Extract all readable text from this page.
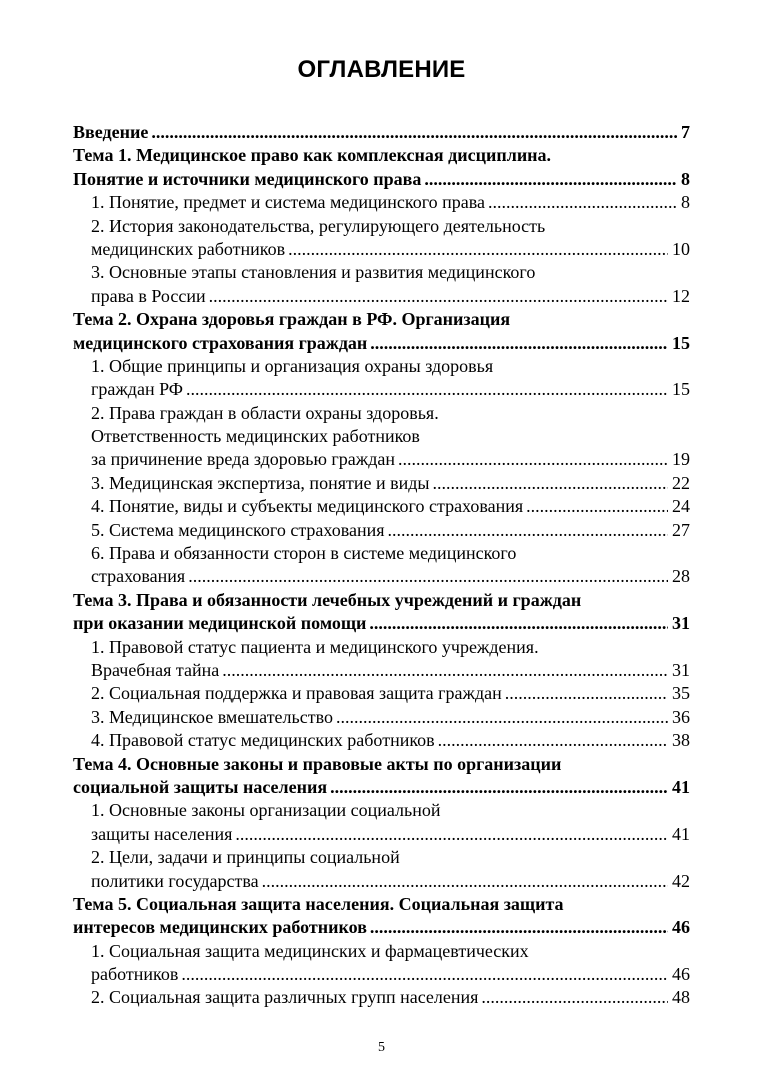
ОГЛАВЛЕНИЕ
Введение .....	7
Тема 1. Медицинское право как комплексная дисциплина.
Понятие и источники медицинского права .....	8
1. Понятие, предмет и система медицинского права .....	8
2. История законодательства, регулирующего деятельность
медицинских работников .....	10
3. Основные этапы становления и развития медицинского
права в России .....	12
Тема 2. Охрана здоровья граждан в РФ. Организация
медицинского страхования граждан .....	15
1. Общие принципы и организация охраны здоровья
граждан РФ .....	15
2. Права граждан в области охраны здоровья.
Ответственность медицинских работников
за причинение вреда здоровью граждан .....	19
3. Медицинская экспертиза, понятие и виды .....	22
4. Понятие, виды и субъекты медицинского страхования .....	24
5. Система медицинского страхования .....	27
6. Права и обязанности сторон в системе медицинского
страхования .....	28
Тема 3. Права и обязанности лечебных учреждений и граждан
при оказании медицинской помощи .....	31
1. Правовой статус пациента и медицинского учреждения.
Врачебная тайна .....	31
2. Социальная поддержка и правовая защита граждан .....	35
3. Медицинское вмешательство .....	36
4. Правовой статус медицинских работников .....	38
Тема 4. Основные законы и правовые акты по организации
социальной защиты населения .....	41
1. Основные законы организации социальной
защиты населения .....	41
2. Цели, задачи и принципы социальной
политики государства .....	42
Тема 5. Социальная защита населения. Социальная защита
интересов медицинских работников .....	46
1. Социальная защита медицинских и фармацевтических
работников .....	46
2. Социальная защита различных групп населения .....	48
5
